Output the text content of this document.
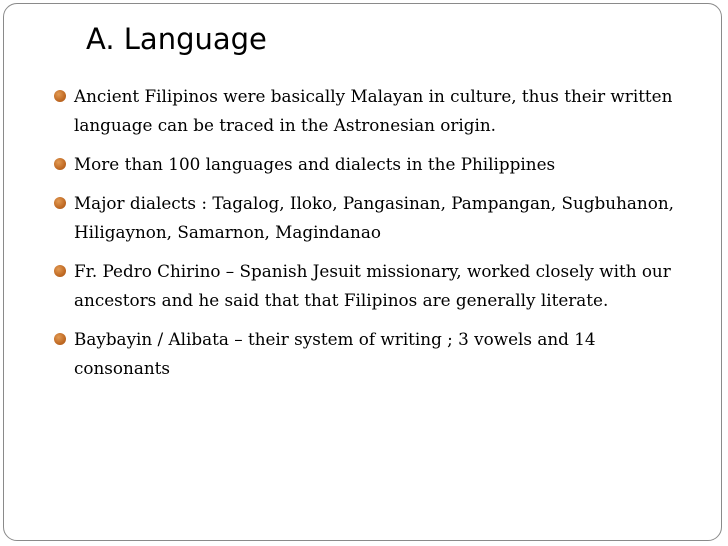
A. Language
Ancient Filipinos were basically Malayan in culture, thus their written language can be traced in the Astronesian origin.
More than 100 languages and dialects in the Philippines
Major dialects : Tagalog, Iloko, Pangasinan, Pampangan, Sugbuhanon, Hiligaynon, Samarnon, Magindanao
Fr. Pedro Chirino – Spanish Jesuit missionary, worked closely with our ancestors and he said that that Filipinos are generally literate.
Baybayin / Alibata – their system of writing ; 3 vowels and 14 consonants
